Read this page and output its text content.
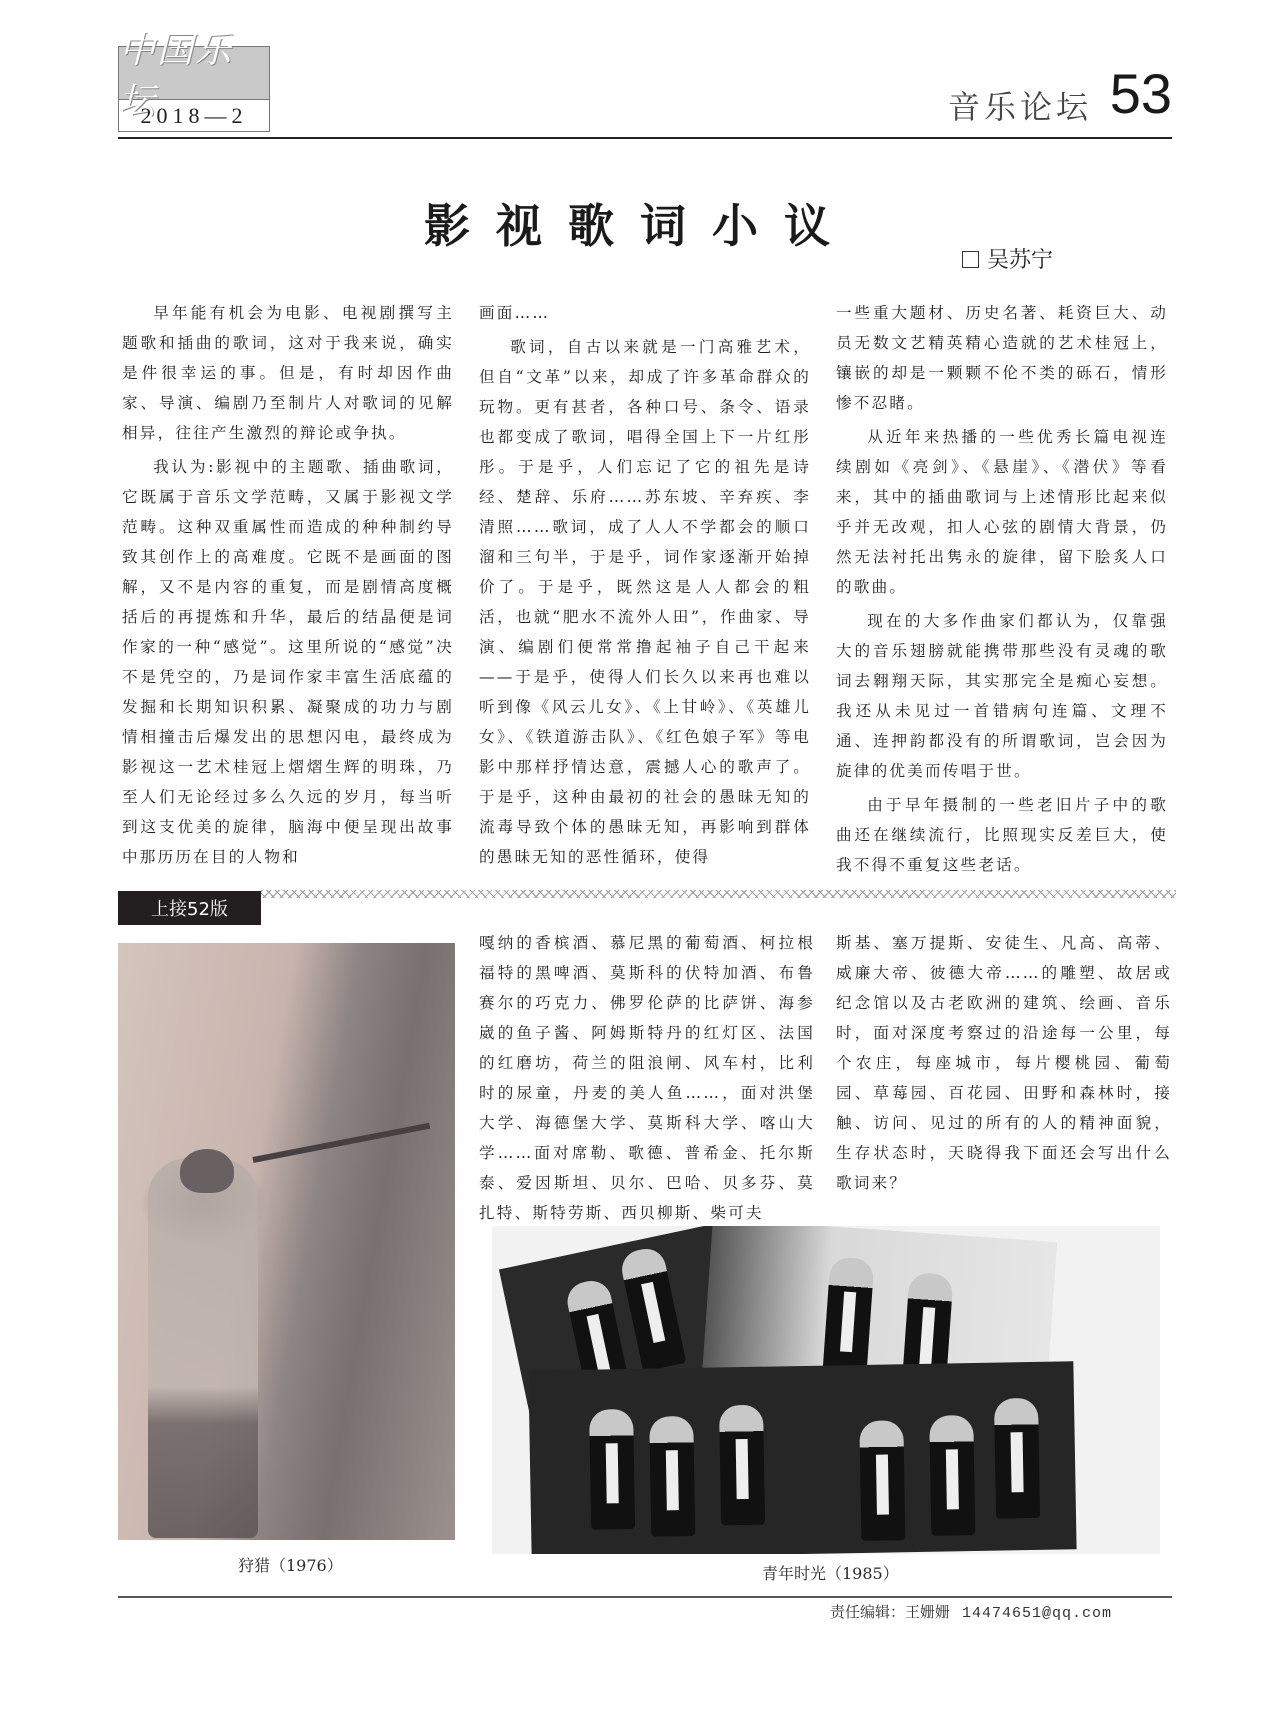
中国乐坛
2018—2	音乐论坛 53
影视歌词小议
吴苏宁

早年能有机会为电影、电视剧撰写主题歌和插曲的歌词，这对于我来说，确实是件很幸运的事。但是，有时却因作曲家、导演、编剧乃至制片人对歌词的见解相异，往往产生激烈的辩论或争执。

我认为:影视中的主题歌、插曲歌词，它既属于音乐文学范畴，又属于影视文学范畴。这种双重属性而造成的种种制约导致其创作上的高难度。它既不是画面的图解，又不是内容的重复，而是剧情高度概括后的再提炼和升华，最后的结晶便是词作家的一种“感觉”。这里所说的“感觉”决不是凭空的，乃是词作家丰富生活底蕴的发掘和长期知识积累、凝聚成的功力与剧情相撞击后爆发出的思想闪电，最终成为影视这一艺术桂冠上熠熠生辉的明珠，乃至人们无论经过多么久远的岁月，每当听到这支优美的旋律，脑海中便呈现出故事中那历历在目的人物和

画面……

歌词，自古以来就是一门高雅艺术，但自“文革”以来，却成了许多革命群众的玩物。更有甚者，各种口号、条令、语录也都变成了歌词，唱得全国上下一片红彤彤。于是乎，人们忘记了它的祖先是诗经、楚辞、乐府……苏东坡、辛弃疾、李清照……歌词，成了人人不学都会的顺口溜和三句半，于是乎，词作家逐渐开始掉价了。于是乎，既然这是人人都会的粗活，也就“肥水不流外人田”，作曲家、导演、编剧们便常常撸起袖子自己干起来——于是乎，使得人们长久以来再也难以听到像《风云儿女》、《上甘岭》、《英雄儿女》、《铁道游击队》、《红色娘子军》等电影中那样抒情达意，震撼人心的歌声了。于是乎，这种由最初的社会的愚昧无知的流毒导致个体的愚昧无知，再影响到群体的愚昧无知的恶性循环，使得

一些重大题材、历史名著、耗资巨大、动员无数文艺精英精心造就的艺术桂冠上，镶嵌的却是一颗颗不伦不类的砾石，情形惨不忍睹。

从近年来热播的一些优秀长篇电视连续剧如《亮剑》、《悬崖》、《潜伏》等看来，其中的插曲歌词与上述情形比起来似乎并无改观，扣人心弦的剧情大背景，仍然无法衬托出隽永的旋律，留下脍炙人口的歌曲。

现在的大多作曲家们都认为，仅靠强大的音乐翅膀就能携带那些没有灵魂的歌词去翱翔天际，其实那完全是痴心妄想。我还从未见过一首错病句连篇、文理不通、连押韵都没有的所谓歌词，岂会因为旋律的优美而传唱于世。

由于早年摄制的一些老旧片子中的歌曲还在继续流行，比照现实反差巨大，使我不得不重复这些老话。

上接52版
狩猎（1976）

嘎纳的香槟酒、慕尼黑的葡萄酒、柯拉根福特的黑啤酒、莫斯科的伏特加酒、布鲁赛尔的巧克力、佛罗伦萨的比萨饼、海参崴的鱼子酱、阿姆斯特丹的红灯区、法国的红磨坊，荷兰的阻浪闸、风车村，比利时的尿童，丹麦的美人鱼……，面对洪堡大学、海德堡大学、莫斯科大学、喀山大学……面对席勒、歌德、普希金、托尔斯泰、爱因斯坦、贝尔、巴哈、贝多芬、莫扎特、斯特劳斯、西贝柳斯、柴可夫

斯基、塞万提斯、安徒生、凡高、高蒂、威廉大帝、彼德大帝……的雕塑、故居或纪念馆以及古老欧洲的建筑、绘画、音乐时，面对深度考察过的沿途每一公里，每个农庄，每座城市，每片樱桃园、葡萄园、草莓园、百花园、田野和森林时，接触、访问、见过的所有的人的精神面貌，生存状态时，天晓得我下面还会写出什么歌词来？

青年时光（1985）
责任编辑：王姗姗 14474651@qq.com
